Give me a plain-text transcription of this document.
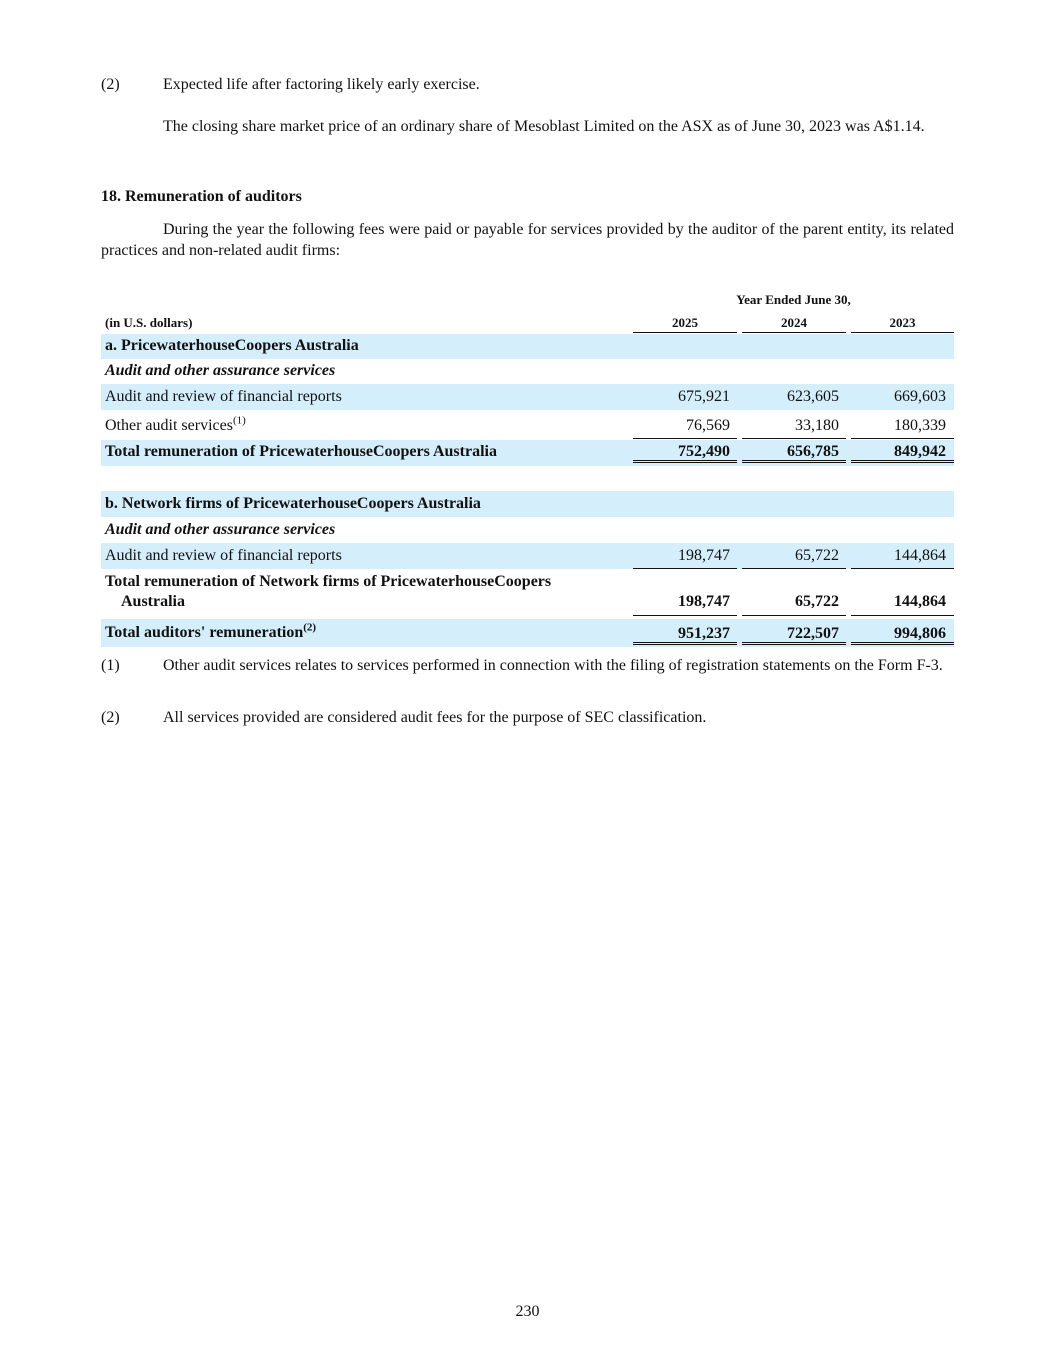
(2)	Expected life after factoring likely early exercise.
The closing share market price of an ordinary share of Mesoblast Limited on the ASX as of June 30, 2023 was A$1.14.
18. Remuneration of auditors
During the year the following fees were paid or payable for services provided by the auditor of the parent entity, its related practices and non-related audit firms:
Year Ended June 30,
(in U.S. dollars)	2025	2024	2023
a. PricewaterhouseCoopers Australia
Audit and other assurance services
Audit and review of financial reports	675,921	623,605	669,603
Other audit services$^{(1)}$	76,569	33,180	180,339
Total remuneration of PricewaterhouseCoopers Australia	752,490	656,785	849,942
b. Network firms of PricewaterhouseCoopers Australia
Audit and other assurance services
Audit and review of financial reports	198,747	65,722	144,864
Total remuneration of Network firms of PricewaterhouseCoopers
Australia	198,747	65,722	144,864
Total auditors' remuneration$^{(2)}$	951,237	722,507	994,806
(1)	Other audit services relates to services performed in connection with the filing of registration statements on the Form F-3.
(2)	All services provided are considered audit fees for the purpose of SEC classification.
230
